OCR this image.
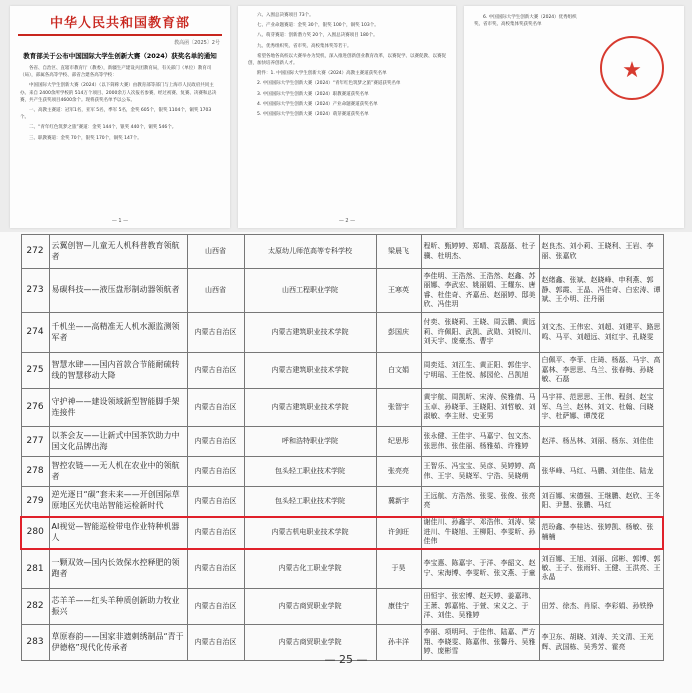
中华人民共和国教育部
教高函〔2025〕2号
教育部关于公布中国国际大学生创新大赛（2024）获奖名单的通知
各省、自治区、直辖市教育厅（教委），新疆生产建设兵团教育局，有关部门（单位）教育司（局），部属各高等学校、部省合建各高等学校：
中国国际大学生创新大赛（2024）（以下简称大赛）由教育部等部门与上海市人民政府共同主办。来自 2400余所学校的 514万个项目、2000余万人次报名参赛，经过初赛、复赛、决赛和总决赛，共产生获奖项目4600余个。现将获奖名单予以公布。
一、高教主赛道：冠军1名，亚军 5名，季军 5名，金奖 605个，银奖 1104个，铜奖 1703个。
二、“青年红色筑梦之旅”赛道：金奖 144个，银奖 440个，铜奖 546个。
三、职教赛道：金奖 70个，银奖 170个，铜奖 147个。
— 1 —
六、入围总决赛项目 73个。
七、产业命题赛道：金奖 30个，银奖 100个，铜奖 103个。
八、萌芽赛道：创新潜力奖 20个，入围总决赛项目 180个。
九、优秀组织奖、省市奖、高校集体奖等若干。
希望各地各高校以大赛举办为契机，深入推进创新创业教育改革，以赛促学、以赛促教、以赛促创，加快培养创新人才。
附件：1. 中国国际大学生创新大赛（2024）高教主赛道获奖名单
2. 中国国际大学生创新大赛（2024）“青年红色筑梦之旅”赛道获奖名单
3. 中国国际大学生创新大赛（2024）职教赛道获奖名单
4. 中国国际大学生创新大赛（2024）产业命题赛道获奖名单
5. 中国国际大学生创新大赛（2024）萌芽赛道获奖名单
— 2 —
6. 中国国际大学生创新大赛（2024）优秀组织奖、省市奖、高校集体奖获奖名单
★
272	云翼创智—儿童无人机科普教育领航者	山西省	太原幼儿师范高等专科学校	梁晨飞	程昕、甄婷婷、郑晴、袁磊磊、杜子骥、杜明杰、	赵良杰、刘小莉、王晓利、王岩、李丽、张嘉欣
273	易碳科技——液压盘形制动器领航者	山西省	山西工程职业学院	王寒英	李佳明、王浩然、王浩然、赵鑫、苏丽娜、李武宏、姚丽娟、王耀东、唐睿、杜佳奇、齐嘉岳、赵丽婷、邸美欣、冯佳玥	赵绪鑫、张斌、赵晓峰、申利燕、郭静、郭霞、王晶、冯佳奇、白宏涛、谭斌、王小明、汪丹丽
274	千机坐——高精准无人机水源监测领军者	内蒙古自治区	内蒙古建筑职业技术学院	彭国庆	付奕、张晓莉、王晓、周云鹏、黄远莉、许佩阳、武凯、武勋、刘锐川、刘天宇、庞豪杰、曹宇	刘文杰、王伟宏、刘超、刘建平、路思鸣、马平、刘超远、刘红宇、孔晓雯
275	智慧水肆——国内首款合节能耐硫转线的智慧移动大降	内蒙古自治区	内蒙古建筑职业技术学院	白文娟	周奕廷、刘江生、黄正阳、郭佳宇、宁明瑶、王佳悦、郝园伦、吕凯旭	白佩平、李菲、庄琦、杨磊、马宇、高嘉林、李思思、乌兰、张春梅、孙晓敏、石磊
276	守护神——建设领域新型智能脚手架连接件	内蒙古自治区	内蒙古建筑职业技术学院	张智宇	黄宇航、周凯昕、宋涛、侯雅倩、马玉卓、孙晓菲、王晓阳、刘哲敏、刘淑敏、李主财、史亚男	马宇祥、范思思、王伟、程剑、赵宝军、乌兰、赵林、刘文、杜翰、闫晓宇、杜萨娜、谭茂花
277	以茶会友——让新式中国茶饮助力中国文化品牌出海	内蒙古自治区	呼和浩特职业学院	纪思彤	张永健、王佳宇、马嘉宁、包文杰、张思伟、张佳丽、杨雅茹、许雅婷	赵洋、杨丛林、刘丽、杨东、刘佳佳
278	智控农链——无人机在农业中的领航者	内蒙古自治区	包头轻工职业技术学院	张亮亮	王智乐、冯宝宝、吴彦、吴婷婷、高伟、王宇、吴晓军、宁浩、吴晓萌	张华峰、马红、马鹏、刘佳佳、陆龙
279	逆光逐日“碳”套未来——开创国际草原地区光伏电站智能运检新时代	内蒙古自治区	包头轻工职业技术学院	冀新宇	王远航、方浩然、张雯、张俊、张亮亮	刘百娜、宋德强、王继鹏、赵欣、王冬阳、尹慧、张鹏、马红
280	AI视觉—智能巡检带电作业特种机器人	内蒙古自治区	内蒙古机电职业技术学院	许剑旺	谢佳川、孙鑫宇、邓浩伟、刘涛、梁进川、牛晓旭、王柳阳、李雯昕、孙佳伟	范玢鑫、李桂达、张婷凯、杨敏、张楠楠
281	一颗双效—国内长效保水控释肥的领跑者	内蒙古自治区	内蒙古化工职业学院	于昊	李宝惠、陈嘉宇、于洋、李韶文、赵宁、宋海博、李雯昕、张文燕、于童	刘百娜、王旭、刘丽、邱彬、郭博、郭敏、王子、张雨轩、王健、王洪亮、王永晶
282	芯羊羊——红头羊种质创新助力牧业振兴	内蒙古自治区	内蒙古商贸职业学院	康佳宁	田恒宇、张宏博、赵天婷、姜嘉玮、王萧、郭嘉铭、于萱、宋义之、于洋、刘佳、吴雅婷	田芳、徐杰、肖原、李彩娟、孙铁铮
283	草原春韵——国家非遗刺绣制品“青于伊德格”现代化传承者	内蒙古自治区	内蒙古商贸职业学院	孙丰洋	李丽、项明珂、于佳伟、陆嘉、严方翔、李晓雯、陈嘉伟、张馨丹、吴雅婷、庞彬雪	李卫东、胡晓、刘涛、关文清、王光辉、武国栋、吴秀芳、霍亮
— 25 —
